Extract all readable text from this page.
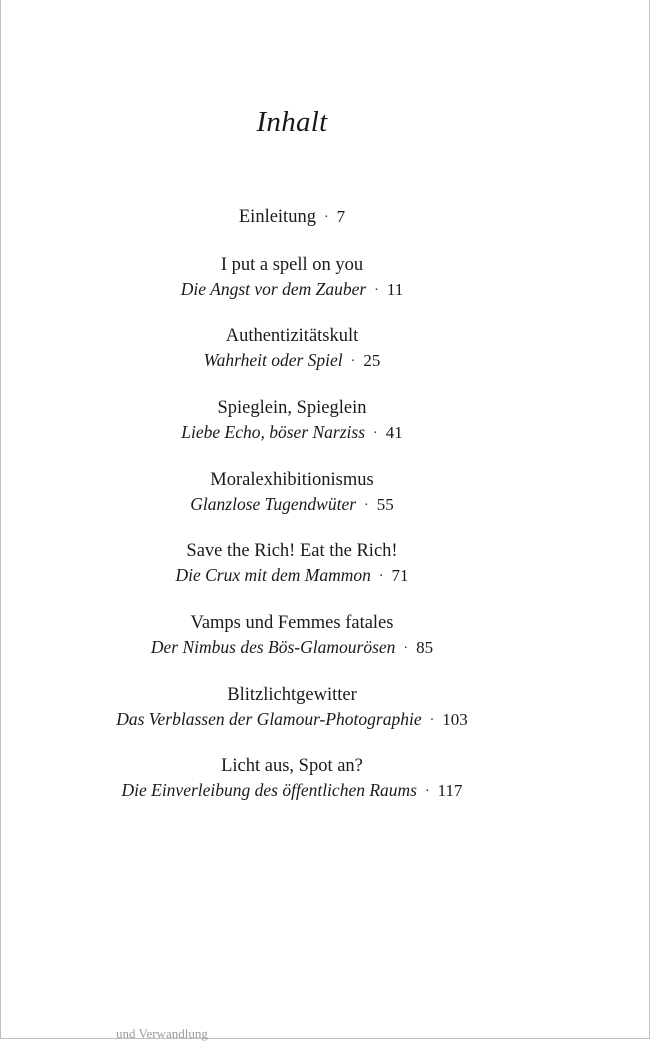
Inhalt
Einleitung · 7
I put a spell on you
Die Angst vor dem Zauber · 11
Authentizitätskult
Wahrheit oder Spiel · 25
Spieglein, Spieglein
Liebe Echo, böser Narziss · 41
Moralexhibitionismus
Glanzlose Tugendwüter · 55
Save the Rich! Eat the Rich!
Die Crux mit dem Mammon · 71
Vamps und Femmes fatales
Der Nimbus des Bös-Glamourösen · 85
Blitzlichtgewitter
Das Verblassen der Glamour-Photographie · 103
Licht aus, Spot an?
Die Einverleibung des öffentlichen Raums · 117
und Verwandlung
